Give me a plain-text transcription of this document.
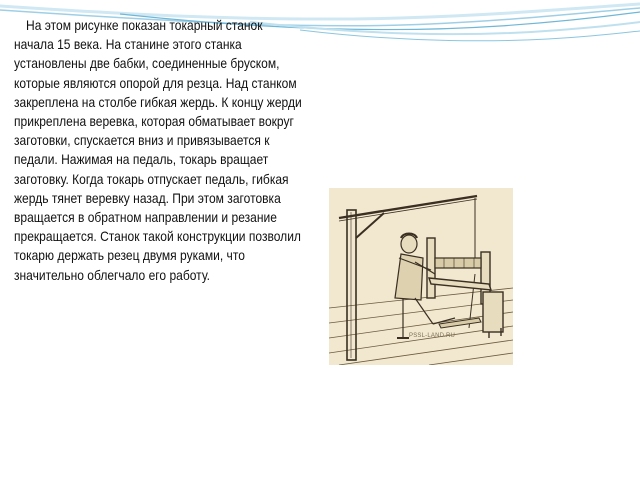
На этом рисунке показан токарный станок начала 15 века. На станине этого станка установлены две бабки, соединенные бруском, которые являются опорой для резца. Над станком закреплена на столбе гибкая жердь. К концу жерди прикреплена веревка, которая обматывает вокруг заготовки, спускается вниз и привязывается к педали. Нажимая на педаль, токарь вращает заготовку. Когда токарь отпускает педаль, гибкая жердь тянет веревку назад. При этом заготовка вращается в обратном направлении и резание прекращается. Станок такой конструкции позволил токарю держать резец двумя руками, что значительно облегчало его работу.

PSSL-LAND.RU
